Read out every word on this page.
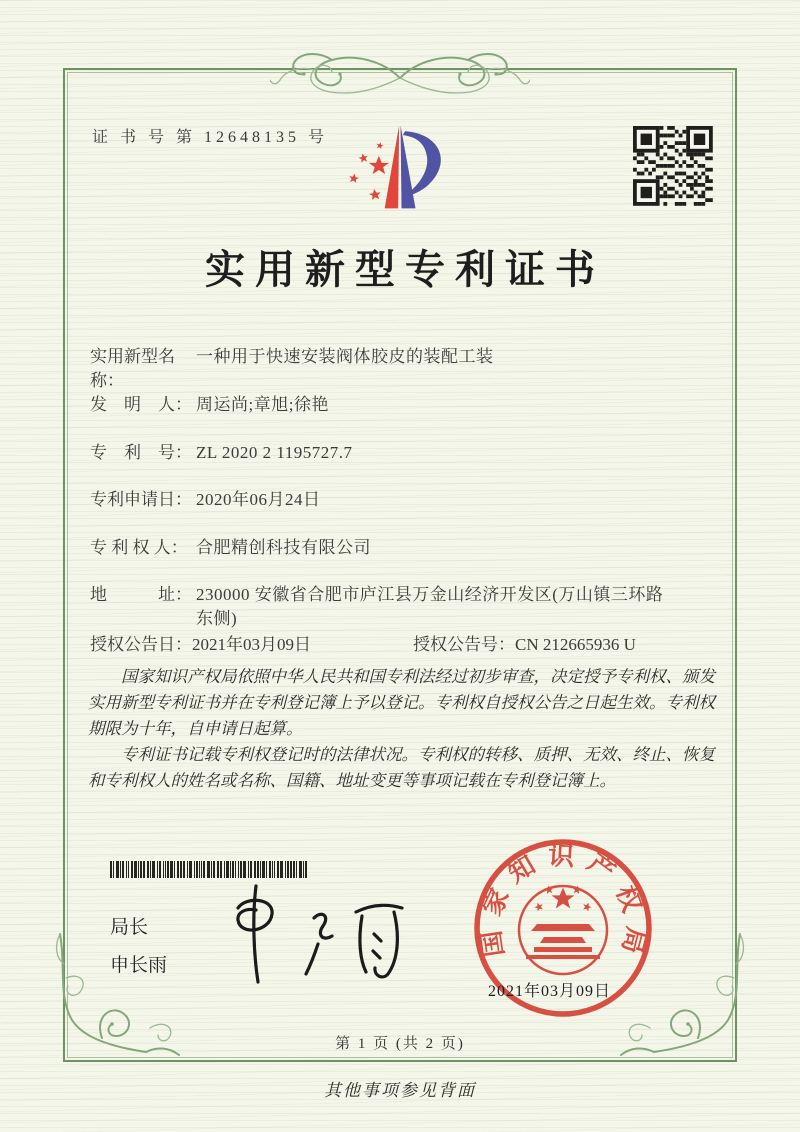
证 书 号 第 12648135 号
实用新型专利证书
实用新型名称：一种用于快速安装阀体胶皮的装配工装
发　明　人： 周运尚;章旭;徐艳
专　利　号： ZL 2020 2 1195727.7
专利申请日： 2020年06月24日
专 利 权 人： 合肥精创科技有限公司
地　　　址： 230000 安徽省合肥市庐江县万金山经济开发区(万山镇三环路东侧)
授权公告日：2021年03月09日	授权公告号：CN 212665936 U

国家知识产权局依照中华人民共和国专利法经过初步审查，决定授予专利权、颁发实用新型专利证书并在专利登记簿上予以登记。专利权自授权公告之日起生效。专利权期限为十年，自申请日起算。

专利证书记载专利权登记时的法律状况。专利权的转移、质押、无效、终止、恢复和专利权人的姓名或名称、国籍、地址变更等事项记载在专利登记簿上。

局长
申长雨
国家知识产权局
2021年03月09日
第 1 页 (共 2 页)
其他事项参见背面
